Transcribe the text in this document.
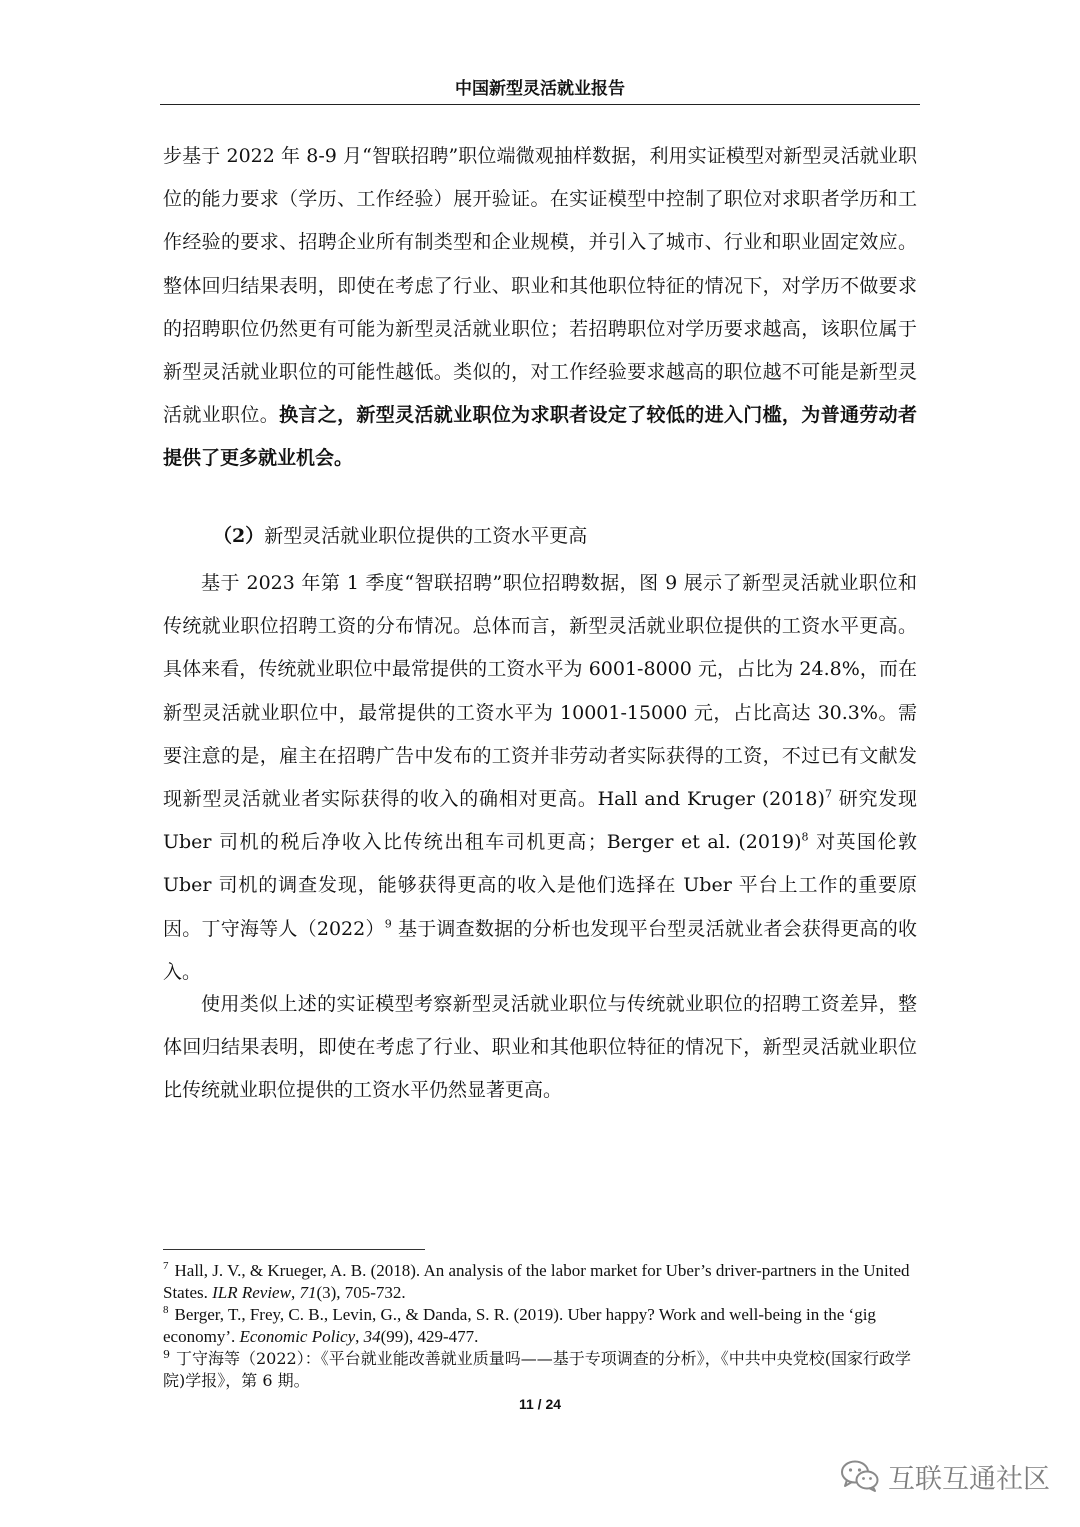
中国新型灵活就业报告

步基于 2022 年 8-9 月“智联招聘”职位端微观抽样数据，利用实证模型对新型灵活就业职位的能力要求（学历、工作经验）展开验证。在实证模型中控制了职位对求职者学历和工作经验的要求、招聘企业所有制类型和企业规模，并引入了城市、行业和职业固定效应。整体回归结果表明，即使在考虑了行业、职业和其他职位特征的情况下，对学历不做要求的招聘职位仍然更有可能为新型灵活就业职位；若招聘职位对学历要求越高，该职位属于新型灵活就业职位的可能性越低。类似的，对工作经验要求越高的职位越不可能是新型灵活就业职位。换言之，新型灵活就业职位为求职者设定了较低的进入门槛，为普通劳动者提供了更多就业机会。

（2）新型灵活就业职位提供的工资水平更高

基于 2023 年第 1 季度“智联招聘”职位招聘数据，图 9 展示了新型灵活就业职位和传统就业职位招聘工资的分布情况。总体而言，新型灵活就业职位提供的工资水平更高。具体来看，传统就业职位中最常提供的工资水平为 6001-8000 元，占比为 24.8%，而在新型灵活就业职位中，最常提供的工资水平为 10001-15000 元，占比高达 30.3%。需要注意的是，雇主在招聘广告中发布的工资并非劳动者实际获得的工资，不过已有文献发现新型灵活就业者实际获得的收入的确相对更高。Hall and Kruger $(2018)^7$ 研究发现 Uber 司机的税后净收入比传统出租车司机更高；Berger et al. $(2019)^8$ 对英国伦敦 Uber 司机的调查发现，能够获得更高的收入是他们选择在 Uber 平台上工作的重要原因。丁守海等人$(2022)^9$ 基于调查数据的分析也发现平台型灵活就业者会获得更高的收入。

使用类似上述的实证模型考察新型灵活就业职位与传统就业职位的招聘工资差异，整体回归结果表明，即使在考虑了行业、职业和其他职位特征的情况下，新型灵活就业职位比传统就业职位提供的工资水平仍然显著更高。

$^7$ Hall, J. V., & Krueger, A. B. (2018). An analysis of the labor market for Uber’s driver-partners in the United States. ILR Review, 71(3), 705-732.

$^8$ Berger, T., Frey, C. B., Levin, G., & Danda, S. R. (2019). Uber happy? Work and well-being in the ‘gig economy’. Economic Policy, 34(99), 429-477.

$^9$ 丁守海等（2022）：《平台就业能改善就业质量吗——基于专项调查的分析》，《中共中央党校(国家行政学院)学报》，第 6 期。

11 / 24
互联互通社区
